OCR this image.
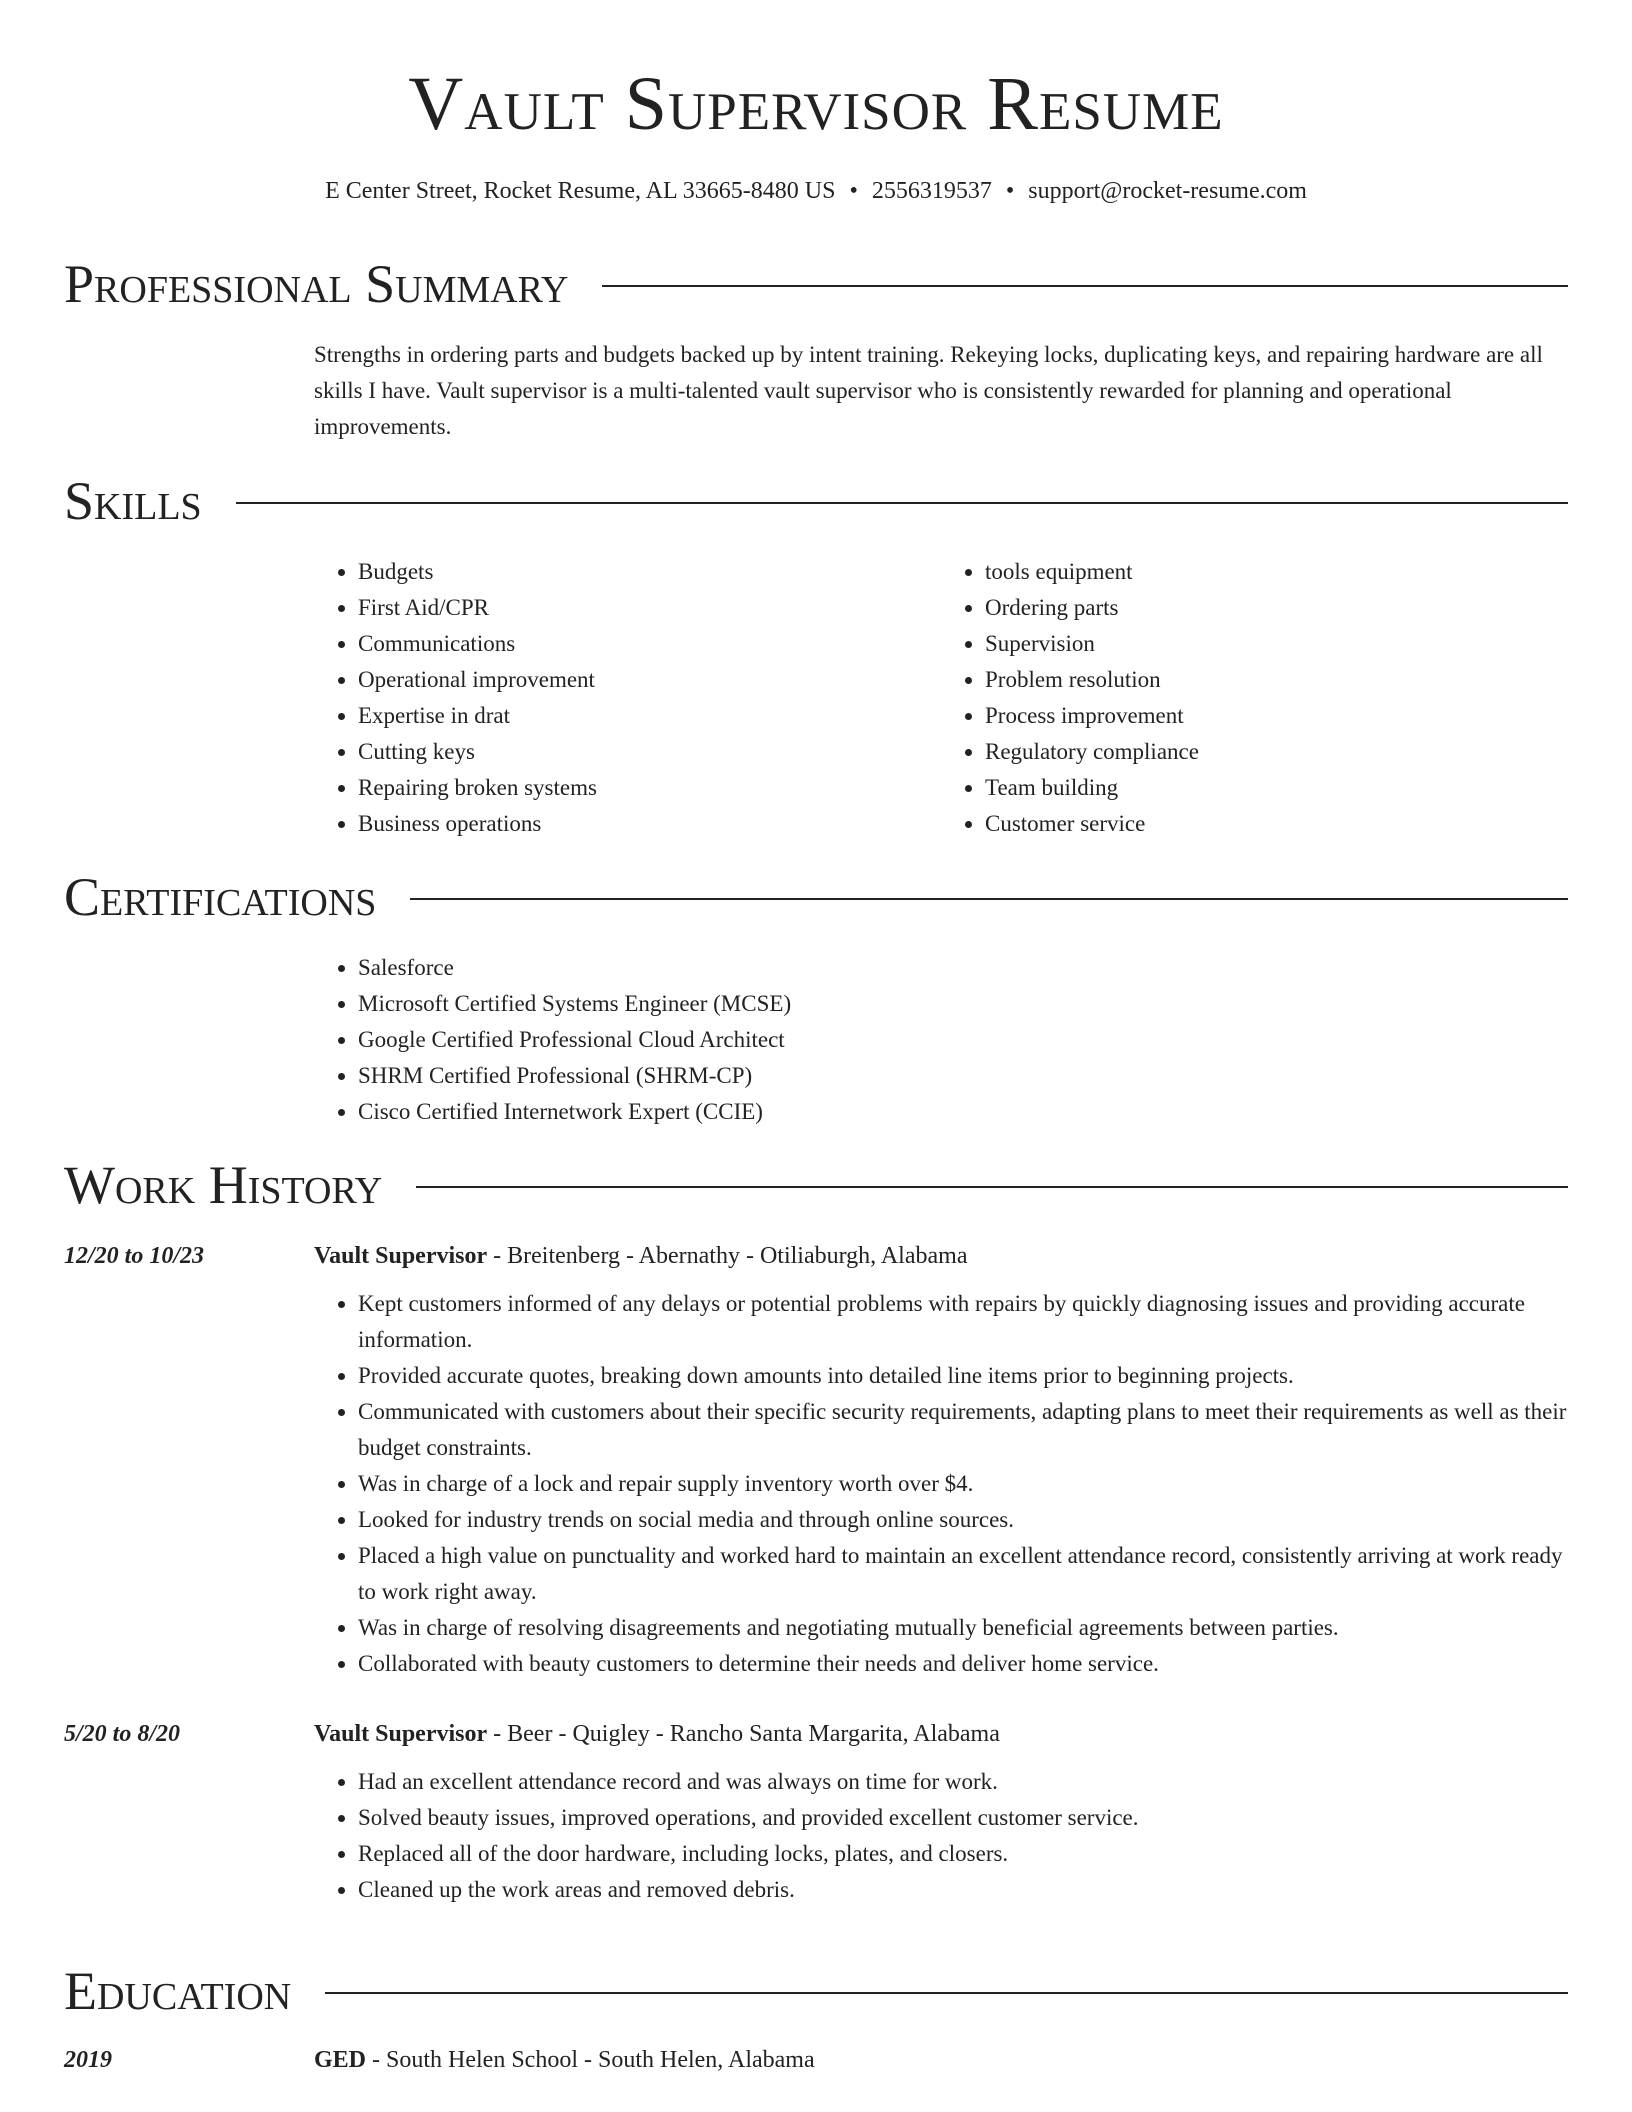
Vault Supervisor Resume
E Center Street, Rocket Resume, AL 33665-8480 US • 2556319537 • support@rocket-resume.com
Professional Summary
Strengths in ordering parts and budgets backed up by intent training. Rekeying locks, duplicating keys, and repairing hardware are all skills I have. Vault supervisor is a multi-talented vault supervisor who is consistently rewarded for planning and operational improvements.
Skills
• Budgets
• First Aid/CPR
• Communications
• Operational improvement
• Expertise in drat
• Cutting keys
• Repairing broken systems
• Business operations
• tools equipment
• Ordering parts
• Supervision
• Problem resolution
• Process improvement
• Regulatory compliance
• Team building
• Customer service
Certifications
• Salesforce
• Microsoft Certified Systems Engineer (MCSE)
• Google Certified Professional Cloud Architect
• SHRM Certified Professional (SHRM-CP)
• Cisco Certified Internetwork Expert (CCIE)
Work History
12/20 to 10/23	Vault Supervisor - Breitenberg - Abernathy - Otiliaburgh, Alabama
• Kept customers informed of any delays or potential problems with repairs by quickly diagnosing issues and providing accurate information.
• Provided accurate quotes, breaking down amounts into detailed line items prior to beginning projects.
• Communicated with customers about their specific security requirements, adapting plans to meet their requirements as well as their budget constraints.
• Was in charge of a lock and repair supply inventory worth over $4.
• Looked for industry trends on social media and through online sources.
• Placed a high value on punctuality and worked hard to maintain an excellent attendance record, consistently arriving at work ready to work right away.
• Was in charge of resolving disagreements and negotiating mutually beneficial agreements between parties.
• Collaborated with beauty customers to determine their needs and deliver home service.
5/20 to 8/20	Vault Supervisor - Beer - Quigley - Rancho Santa Margarita, Alabama
• Had an excellent attendance record and was always on time for work.
• Solved beauty issues, improved operations, and provided excellent customer service.
• Replaced all of the door hardware, including locks, plates, and closers.
• Cleaned up the work areas and removed debris.
Education
2019	GED - South Helen School - South Helen, Alabama
